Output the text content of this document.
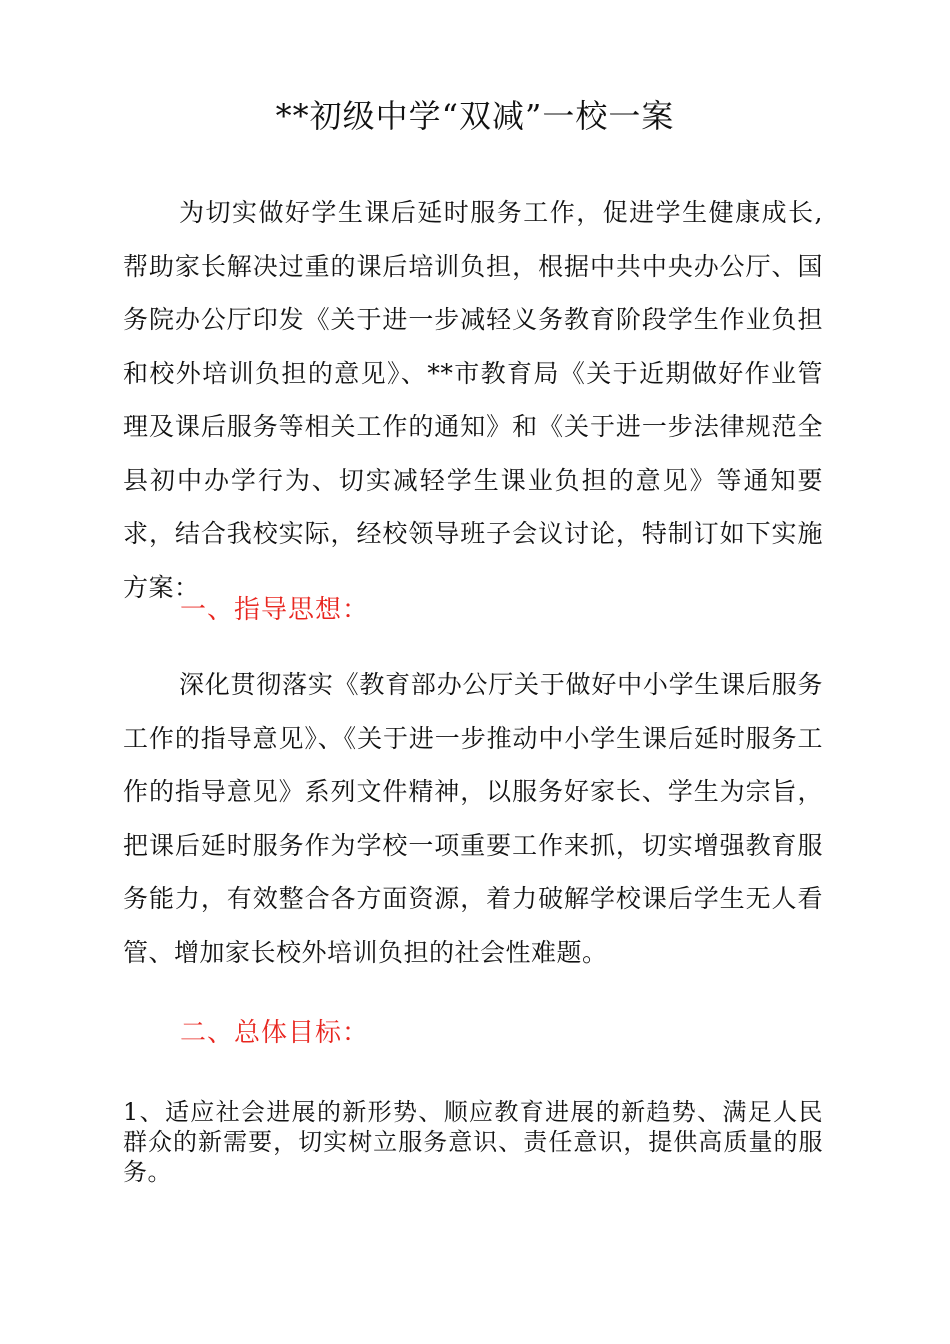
**初级中学“双减”一校一案
为切实做好学生课后延时服务工作，促进学生健康成长,帮助家长解决过重的课后培训负担，根据中共中央办公厅、国务院办公厅印发《关于进一步减轻义务教育阶段学生作业负担和校外培训负担的意见》、**市教育局《关于近期做好作业管理及课后服务等相关工作的通知》和《关于进一步法律规范全县初中办学行为、切实减轻学生课业负担的意见》等通知要求，结合我校实际，经校领导班子会议讨论，特制订如下实施方案：
一、指导思想：
深化贯彻落实《教育部办公厅关于做好中小学生课后服务工作的指导意见》、《关于进一步推动中小学生课后延时服务工作的指导意见》系列文件精神，以服务好家长、学生为宗旨，把课后延时服务作为学校一项重要工作来抓，切实增强教育服务能力，有效整合各方面资源，着力破解学校课后学生无人看管、增加家长校外培训负担的社会性难题。
二、总体目标：
1、适应社会进展的新形势、顺应教育进展的新趋势、满足人民群众的新需要，切实树立服务意识、责任意识，提供高质量的服务。
